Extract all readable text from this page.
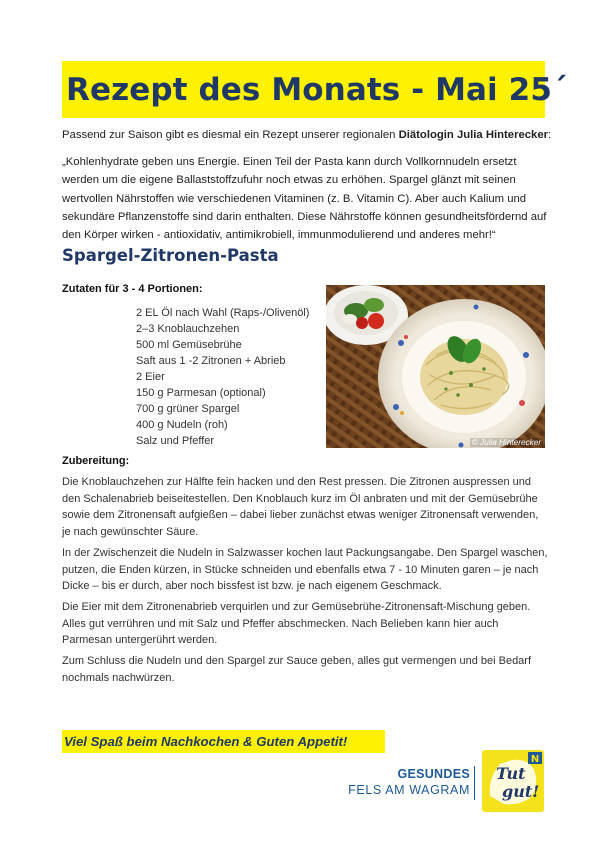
Rezept des Monats - Mai 25´

Passend zur Saison gibt es diesmal ein Rezept unserer regionalen Diätologin Julia Hinterecker:

„Kohlenhydrate geben uns Energie. Einen Teil der Pasta kann durch Vollkornnudeln ersetzt werden um die eigene Ballaststoffzufuhr noch etwas zu erhöhen. Spargel glänzt mit seinen wertvollen Nährstoffen wie verschiedenen Vitaminen (z. B. Vitamin C). Aber auch Kalium und sekundäre Pflanzenstoffe sind darin enthalten. Diese Nährstoffe können gesundheitsfördernd auf den Körper wirken - antioxidativ, antimikrobiell, immunmodulierend und anderes mehr!“

Spargel-Zitronen-Pasta
Zutaten für 3 - 4 Portionen:
2 EL Öl nach Wahl (Raps-/Olivenöl)
2–3 Knoblauchzehen
500 ml Gemüsebrühe
Saft aus 1 -2 Zitronen + Abrieb
2 Eier
150 g Parmesan (optional)
700 g grüner Spargel
400 g Nudeln (roh)
Salz und Pfeffer	© Julia Hinterecker
Zubereitung:

Die Knoblauchzehen zur Hälfte fein hacken und den Rest pressen. Die Zitronen auspressen und den Schalenabrieb beiseitestellen. Den Knoblauch kurz im Öl anbraten und mit der Gemüsebrühe sowie dem Zitronensaft aufgießen – dabei lieber zunächst etwas weniger Zitronensaft verwenden, je nach gewünschter Säure.

In der Zwischenzeit die Nudeln in Salzwasser kochen laut Packungsangabe. Den Spargel waschen, putzen, die Enden kürzen, in Stücke schneiden und ebenfalls etwa 7 - 10 Minuten garen – je nach Dicke – bis er durch, aber noch bissfest ist bzw. je nach eigenem Geschmack.

Die Eier mit dem Zitronenabrieb verquirlen und zur Gemüsebrühe-Zitronensaft-Mischung geben. Alles gut verrühren und mit Salz und Pfeffer abschmecken. Nach Belieben kann hier auch Parmesan untergerührt werden.

Zum Schluss die Nudeln und den Spargel zur Sauce geben, alles gut vermengen und bei Bedarf nochmals nachwürzen.

Viel Spaß beim Nachkochen & Guten Appetit!
GESUNDES
FELS AM WAGRAM
N
Tut
gut!
